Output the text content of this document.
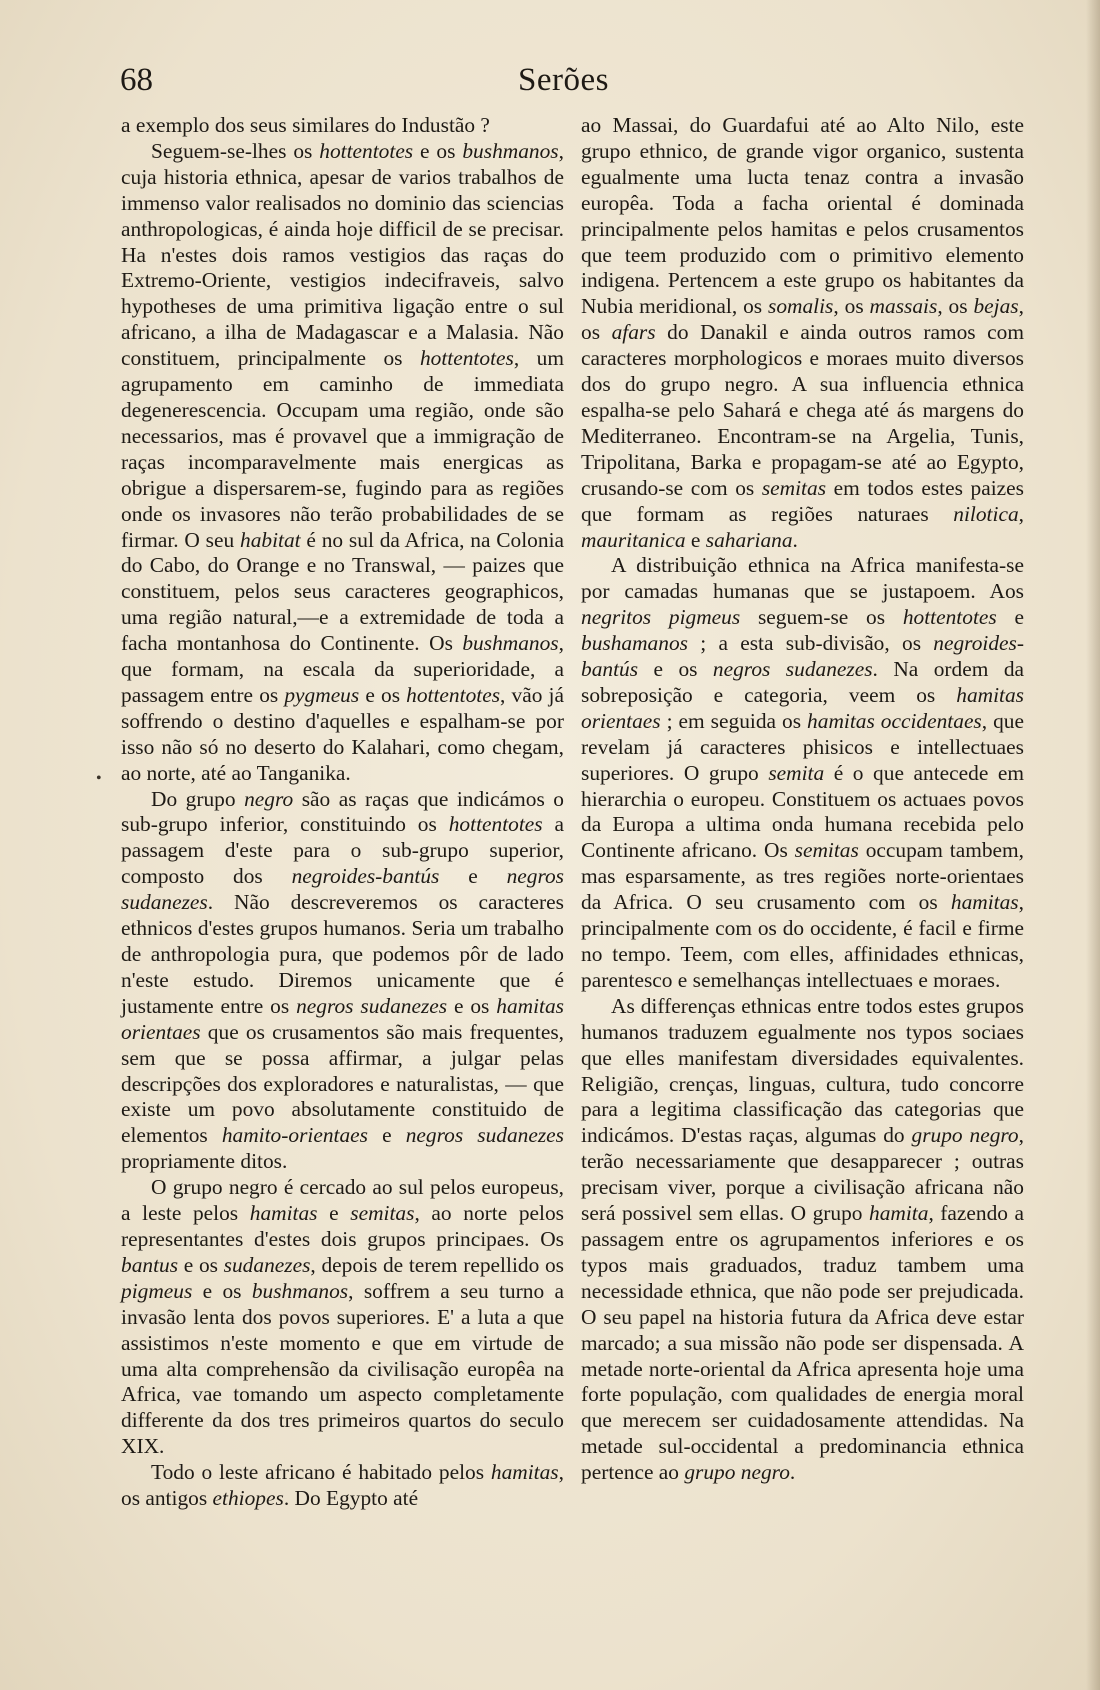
68	Serões
•

a exemplo dos seus similares do Industão ?

Seguem-se-lhes os hottentotes e os bushmanos, cuja historia ethnica, apesar de varios trabalhos de immenso valor realisados no dominio das sciencias anthropologicas, é ainda hoje difficil de se precisar. Ha n'estes dois ramos vestigios das raças do Extremo-Oriente, vestigios indecifraveis, salvo hypotheses de uma primitiva ligação entre o sul africano, a ilha de Madagascar e a Malasia. Não constituem, principalmente os hottentotes, um agrupamento em caminho de immediata degenerescencia. Occupam uma região, onde são necessarios, mas é provavel que a immigração de raças incomparavelmente mais energicas as obrigue a dispersarem-se, fugindo para as regiões onde os invasores não terão probabilidades de se firmar. O seu habitat é no sul da Africa, na Colonia do Cabo, do Orange e no Transwal, — paizes que constituem, pelos seus caracteres geographicos, uma região natural,—e a extremidade de toda a facha montanhosa do Continente. Os bushmanos, que formam, na escala da superioridade, a passagem entre os pygmeus e os hottentotes, vão já soffrendo o destino d'aquelles e espalham-se por isso não só no deserto do Kalahari, como chegam, ao norte, até ao Tanganika.

Do grupo negro são as raças que indicámos o sub-grupo inferior, constituindo os hottentotes a passagem d'este para o sub-grupo superior, composto dos negroides-bantús e negros sudanezes. Não descreveremos os caracteres ethnicos d'estes grupos humanos. Seria um trabalho de anthropologia pura, que podemos pôr de lado n'este estudo. Diremos unicamente que é justamente entre os negros sudanezes e os hamitas orientaes que os crusamentos são mais frequentes, sem que se possa affirmar, a julgar pelas descripções dos exploradores e naturalistas, — que existe um povo absolutamente constituido de elementos hamito-orientaes e negros sudanezes propriamente ditos.

O grupo negro é cercado ao sul pelos europeus, a leste pelos hamitas e semitas, ao norte pelos representantes d'estes dois grupos principaes. Os bantus e os sudanezes, depois de terem repellido os pigmeus e os bushmanos, soffrem a seu turno a invasão lenta dos povos superiores. E' a luta a que assistimos n'este momento e que em virtude de uma alta comprehensão da civilisação europêa na Africa, vae tomando um aspecto completamente differente da dos tres primeiros quartos do seculo XIX.

Todo o leste africano é habitado pelos hamitas, os antigos ethiopes. Do Egypto até

ao Massai, do Guardafui até ao Alto Nilo, este grupo ethnico, de grande vigor organico, sustenta egualmente uma lucta tenaz contra a invasão europêa. Toda a facha oriental é dominada principalmente pelos hamitas e pelos crusamentos que teem produzido com o primitivo elemento indigena. Pertencem a este grupo os habitantes da Nubia meridional, os somalis, os massais, os bejas, os afars do Danakil e ainda outros ramos com caracteres morphologicos e moraes muito diversos dos do grupo negro. A sua influencia ethnica espalha-se pelo Sahará e chega até ás margens do Mediterraneo. Encontram-se na Argelia, Tunis, Tripolitana, Barka e propagam-se até ao Egypto, crusando-se com os semitas em todos estes paizes que formam as regiões naturaes nilotica, mauritanica e sahariana.

A distribuição ethnica na Africa manifesta-se por camadas humanas que se justapoem. Aos negritos pigmeus seguem-se os hottentotes e bushamanos ; a esta sub-divisão, os negroides-bantús e os negros sudanezes. Na ordem da sobreposição e categoria, veem os hamitas orientaes ; em seguida os hamitas occidentaes, que revelam já caracteres phisicos e intellectuaes superiores. O grupo semita é o que antecede em hierarchia o europeu. Constituem os actuaes povos da Europa a ultima onda humana recebida pelo Continente africano. Os semitas occupam tambem, mas esparsamente, as tres regiões norte-orientaes da Africa. O seu crusamento com os hamitas, principalmente com os do occidente, é facil e firme no tempo. Teem, com elles, affinidades ethnicas, parentesco e semelhanças intellectuaes e moraes.

As differenças ethnicas entre todos estes grupos humanos traduzem egualmente nos typos sociaes que elles manifestam diversidades equivalentes. Religião, crenças, linguas, cultura, tudo concorre para a legitima classificação das categorias que indicámos. D'estas raças, algumas do grupo negro, terão necessariamente que desapparecer ; outras precisam viver, porque a civilisação africana não será possivel sem ellas. O grupo hamita, fazendo a passagem entre os agrupamentos inferiores e os typos mais graduados, traduz tambem uma necessidade ethnica, que não pode ser prejudicada. O seu papel na historia futura da Africa deve estar marcado; a sua missão não pode ser dispensada. A metade norte-oriental da Africa apresenta hoje uma forte população, com qualidades de energia moral que merecem ser cuidadosamente attendidas. Na metade sul-occidental a predominancia ethnica pertence ao grupo negro.
